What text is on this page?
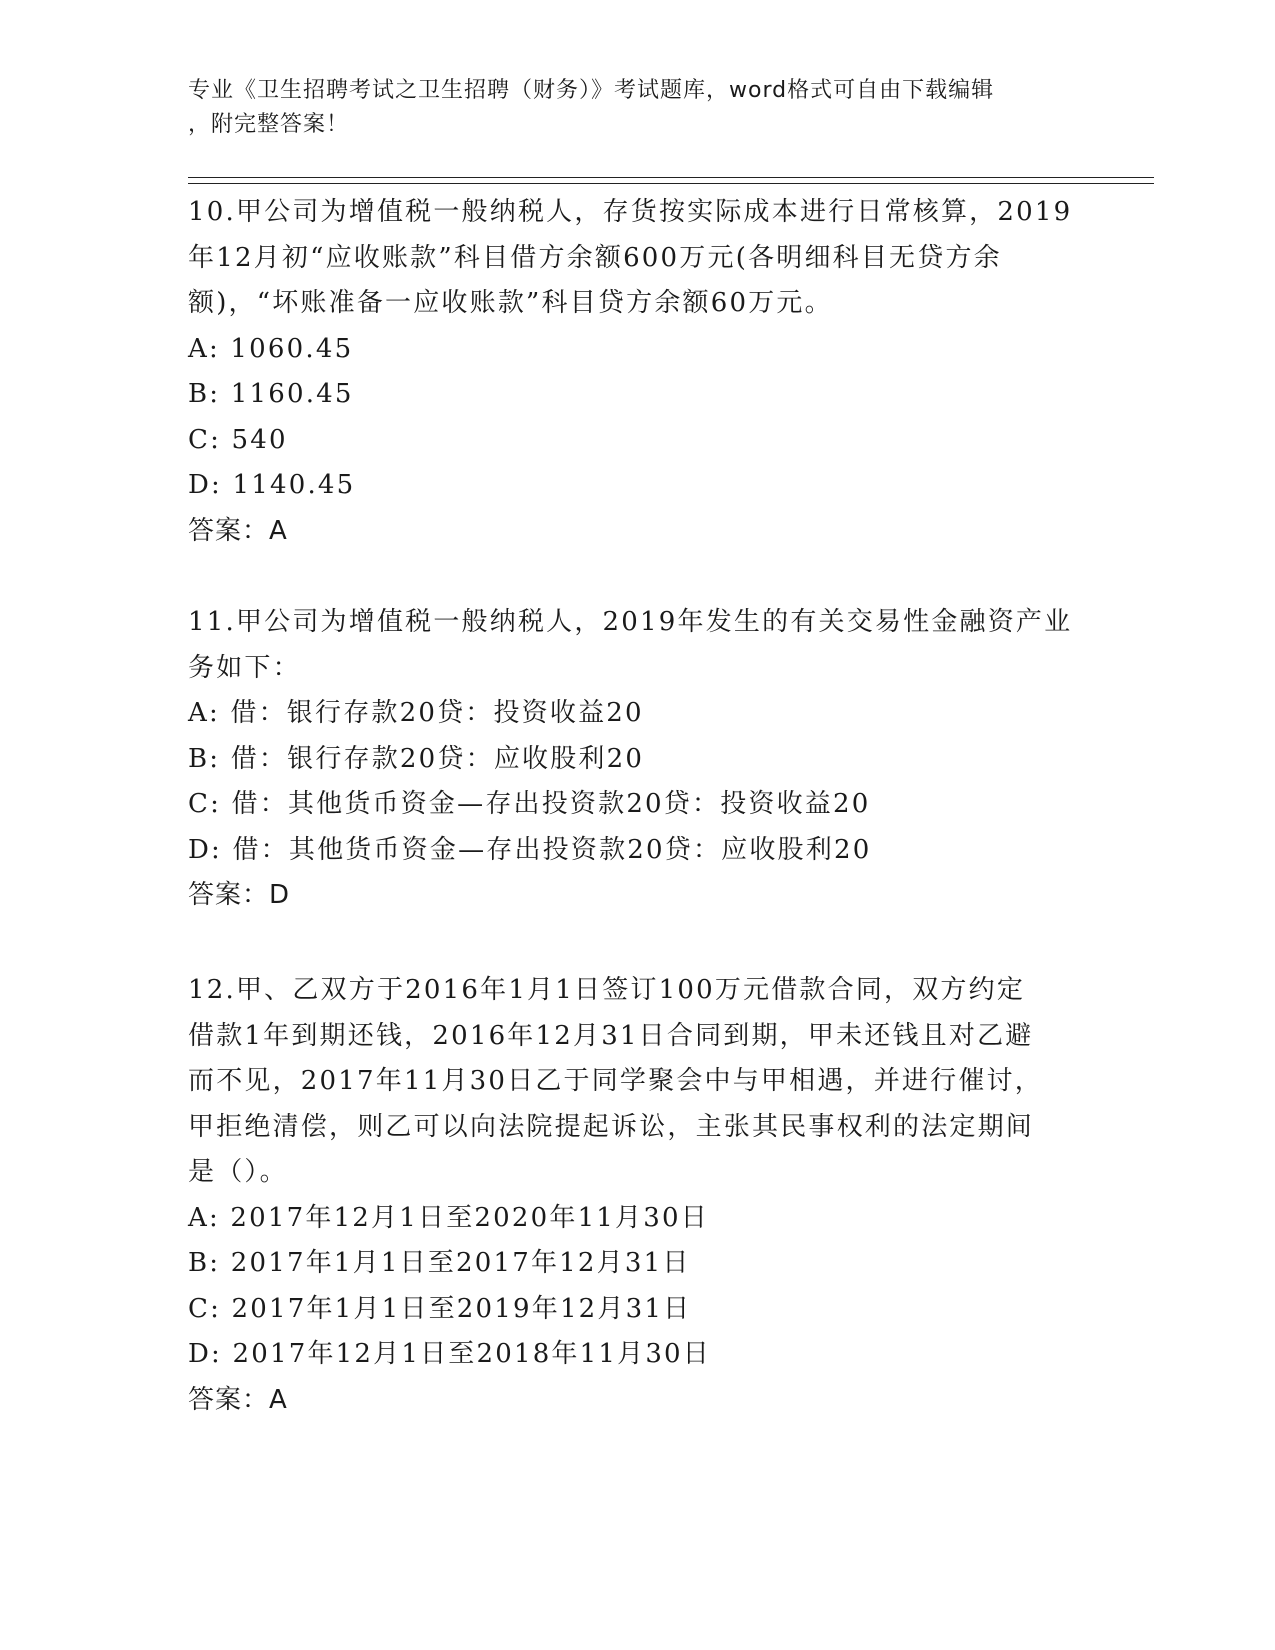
专业《卫生招聘考试之卫生招聘（财务）》考试题库，word格式可自由下载编辑
，附完整答案！
10.甲公司为增值税一般纳税人，存货按实际成本进行日常核算，2019
年12月初“应收账款”科目借方余额600万元(各明细科目无贷方余
额)，“坏账准备一应收账款”科目贷方余额60万元。
A: 1060.45
B: 1160.45
C: 540
D: 1140.45
答案：A
11.甲公司为增值税一般纳税人，2019年发生的有关交易性金融资产业
务如下：
A: 借：银行存款20贷：投资收益20
B: 借：银行存款20贷：应收股利20
C: 借：其他货币资金—存出投资款20贷：投资收益20
D: 借：其他货币资金—存出投资款20贷：应收股利20
答案：D
12.甲、乙双方于2016年1月1日签订100万元借款合同，双方约定
借款1年到期还钱，2016年12月31日合同到期，甲未还钱且对乙避
而不见，2017年11月30日乙于同学聚会中与甲相遇，并进行催讨，
甲拒绝清偿，则乙可以向法院提起诉讼，主张其民事权利的法定期间
是（）。
A: 2017年12月1日至2020年11月30日
B: 2017年1月1日至2017年12月31日
C: 2017年1月1日至2019年12月31日
D: 2017年12月1日至2018年11月30日
答案：A
